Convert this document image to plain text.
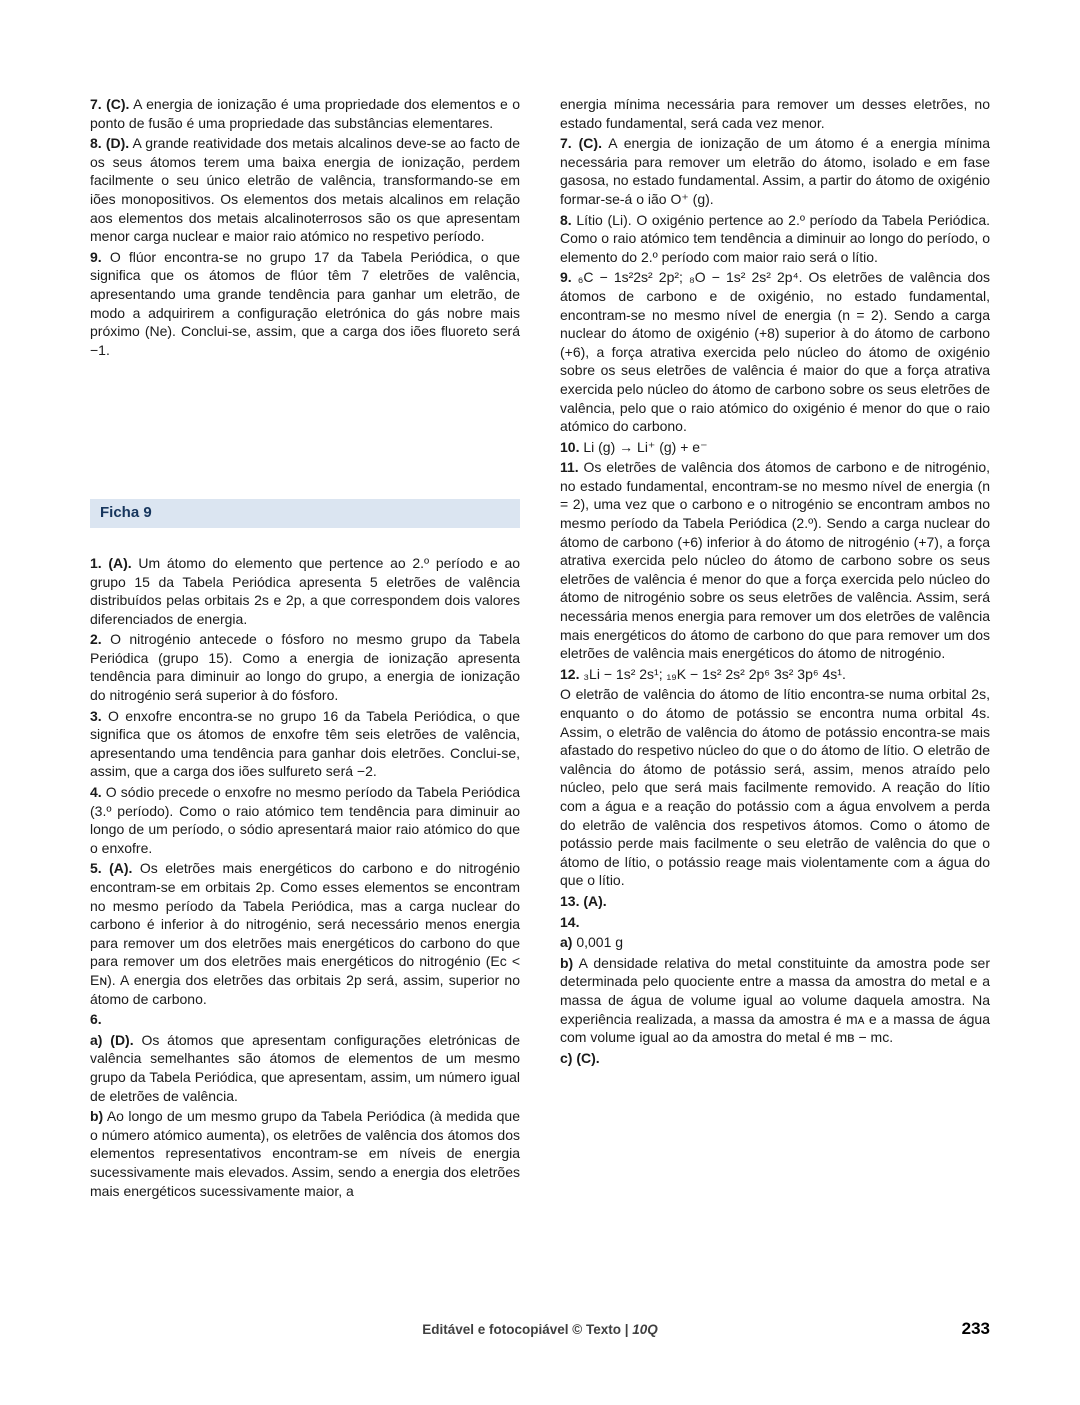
7. (C). A energia de ionização é uma propriedade dos elementos e o ponto de fusão é uma propriedade das substâncias elementares.

8. (D). A grande reatividade dos metais alcalinos deve-se ao facto de os seus átomos terem uma baixa energia de ionização, perdem facilmente o seu único eletrão de valência, transformando-se em iões monopositivos. Os elementos dos metais alcalinos em relação aos elementos dos metais alcalinoterrosos são os que apresentam menor carga nuclear e maior raio atómico no respetivo período.

9. O flúor encontra-se no grupo 17 da Tabela Periódica, o que significa que os átomos de flúor têm 7 eletrões de valência, apresentando uma grande tendência para ganhar um eletrão, de modo a adquirirem a configuração eletrónica do gás nobre mais próximo (Ne). Conclui-se, assim, que a carga dos iões fluoreto será −1.

Ficha 9

1. (A). Um átomo do elemento que pertence ao 2.º período e ao grupo 15 da Tabela Periódica apresenta 5 eletrões de valência distribuídos pelas orbitais 2s e 2p, a que correspondem dois valores diferenciados de energia.

2. O nitrogénio antecede o fósforo no mesmo grupo da Tabela Periódica (grupo 15). Como a energia de ionização apresenta tendência para diminuir ao longo do grupo, a energia de ionização do nitrogénio será superior à do fósforo.

3. O enxofre encontra-se no grupo 16 da Tabela Periódica, o que significa que os átomos de enxofre têm seis eletrões de valência, apresentando uma tendência para ganhar dois eletrões. Conclui-se, assim, que a carga dos iões sulfureto será −2.

4. O sódio precede o enxofre no mesmo período da Tabela Periódica (3.º período). Como o raio atómico tem tendência para diminuir ao longo de um período, o sódio apresentará maior raio atómico do que o enxofre.

5. (A). Os eletrões mais energéticos do carbono e do nitrogénio encontram-se em orbitais 2p. Como esses elementos se encontram no mesmo período da Tabela Periódica, mas a carga nuclear do carbono é inferior à do nitrogénio, será necessário menos energia para remover um dos eletrões mais energéticos do carbono do que para remover um dos eletrões mais energéticos do nitrogénio (Eᴄ < Eɴ). A energia dos eletrões das orbitais 2p será, assim, superior no átomo de carbono.

6.

a) (D). Os átomos que apresentam configurações eletrónicas de valência semelhantes são átomos de elementos de um mesmo grupo da Tabela Periódica, que apresentam, assim, um número igual de eletrões de valência.

b) Ao longo de um mesmo grupo da Tabela Periódica (à medida que o número atómico aumenta), os eletrões de valência dos átomos dos elementos representativos encontram-se em níveis de energia sucessivamente mais elevados. Assim, sendo a energia dos eletrões mais energéticos sucessivamente maior, a

energia mínima necessária para remover um desses eletrões, no estado fundamental, será cada vez menor.

7. (C). A energia de ionização de um átomo é a energia mínima necessária para remover um eletrão do átomo, isolado e em fase gasosa, no estado fundamental. Assim, a partir do átomo de oxigénio formar-se-á o ião O⁺ (g).

8. Lítio (Li). O oxigénio pertence ao 2.º período da Tabela Periódica. Como o raio atómico tem tendência a diminuir ao longo do período, o elemento do 2.º período com maior raio será o lítio.

9. ₆C − 1s²2s² 2p²; ₈O − 1s² 2s² 2p⁴. Os eletrões de valência dos átomos de carbono e de oxigénio, no estado fundamental, encontram-se no mesmo nível de energia (n = 2). Sendo a carga nuclear do átomo de oxigénio (+8) superior à do átomo de carbono (+6), a força atrativa exercida pelo núcleo do átomo de oxigénio sobre os seus eletrões de valência é maior do que a força atrativa exercida pelo núcleo do átomo de carbono sobre os seus eletrões de valência, pelo que o raio atómico do oxigénio é menor do que o raio atómico do carbono.

10. Li (g) → Li⁺ (g) + e⁻

11. Os eletrões de valência dos átomos de carbono e de nitrogénio, no estado fundamental, encontram-se no mesmo nível de energia (n = 2), uma vez que o carbono e o nitrogénio se encontram ambos no mesmo período da Tabela Periódica (2.º). Sendo a carga nuclear do átomo de carbono (+6) inferior à do átomo de nitrogénio (+7), a força atrativa exercida pelo núcleo do átomo de carbono sobre os seus eletrões de valência é menor do que a força exercida pelo núcleo do átomo de nitrogénio sobre os seus eletrões de valência. Assim, será necessária menos energia para remover um dos eletrões de valência mais energéticos do átomo de carbono do que para remover um dos eletrões de valência mais energéticos do átomo de nitrogénio.

12. ₃Li − 1s² 2s¹; ₁₉K − 1s² 2s² 2p⁶ 3s² 3p⁶ 4s¹.

O eletrão de valência do átomo de lítio encontra-se numa orbital 2s, enquanto o do átomo de potássio se encontra numa orbital 4s. Assim, o eletrão de valência do átomo de potássio encontra-se mais afastado do respetivo núcleo do que o do átomo de lítio. O eletrão de valência do átomo de potássio será, assim, menos atraído pelo núcleo, pelo que será mais facilmente removido. A reação do lítio com a água e a reação do potássio com a água envolvem a perda do eletrão de valência dos respetivos átomos. Como o átomo de potássio perde mais facilmente o seu eletrão de valência do que o átomo de lítio, o potássio reage mais violentamente com a água do que o lítio.

13. (A).

14.

a) 0,001 g

b) A densidade relativa do metal constituinte da amostra pode ser determinada pelo quociente entre a massa da amostra do metal e a massa de água de volume igual ao volume daquela amostra. Na experiência realizada, a massa da amostra é mᴀ e a massa de água com volume igual ao da amostra do metal é mʙ − mᴄ.

c) (C).

Editável e fotocopiável © Texto | 10Q	233
